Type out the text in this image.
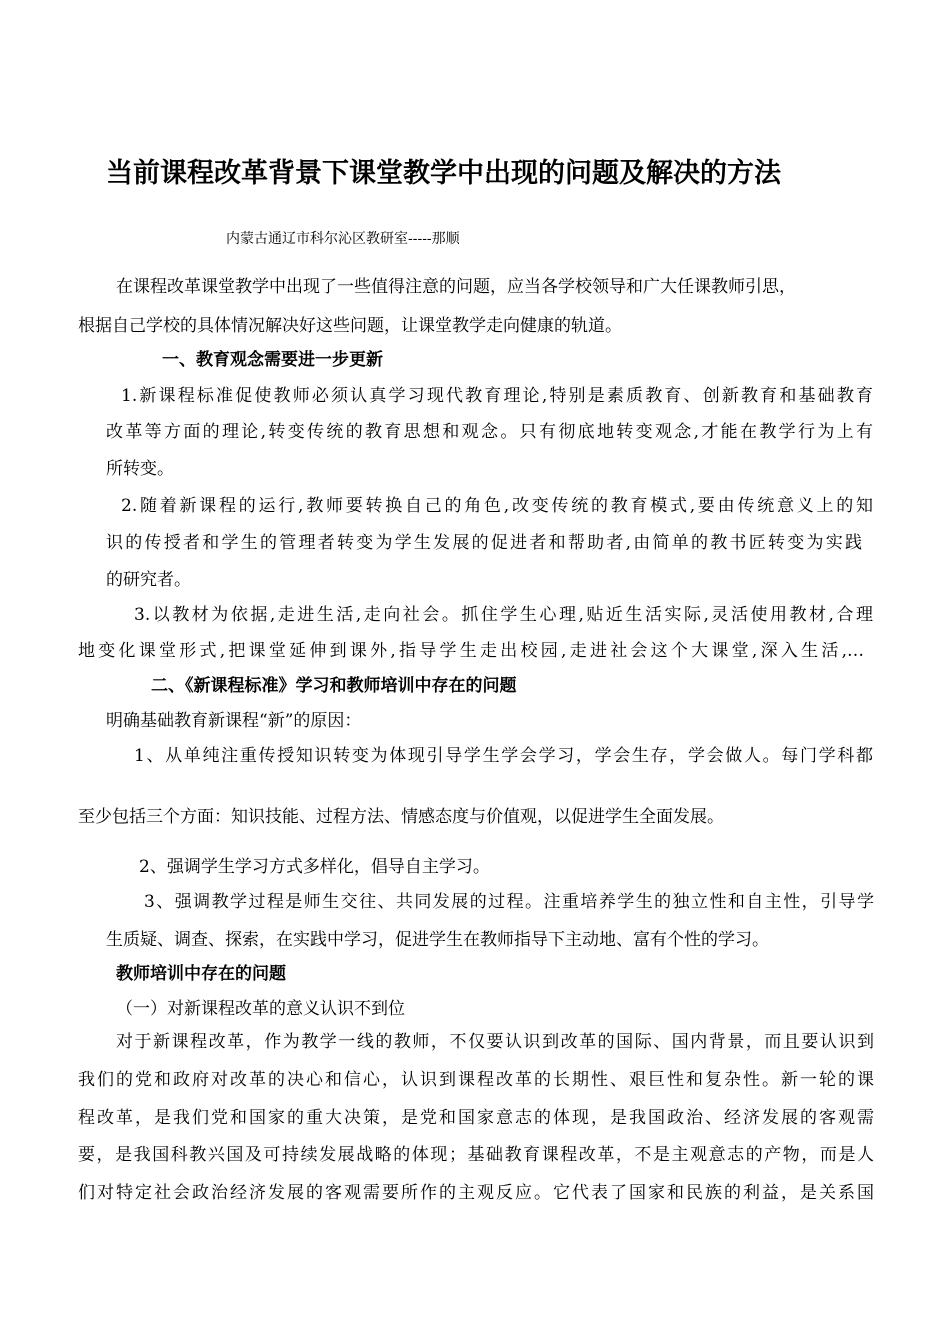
当前课程改革背景下课堂教学中出现的问题及解决的方法

内蒙古通辽市科尔沁区教研室-----那顺

在课程改革课堂教学中出现了一些值得注意的问题，应当各学校领导和广大任课教师引思，

根据自己学校的具体情况解决好这些问题，让课堂教学走向健康的轨道。

一、教育观念需要进一步更新

1.新课程标准促使教师必须认真学习现代教育理论,特别是素质教育、创新教育和基础教育

改革等方面的理论,转变传统的教育思想和观念。只有彻底地转变观念,才能在教学行为上有

所转变。

2.随着新课程的运行,教师要转换自己的角色,改变传统的教育模式,要由传统意义上的知

识的传授者和学生的管理者转变为学生发展的促进者和帮助者,由简单的教书匠转变为实践

的研究者。

3.以教材为依据,走进生活,走向社会。抓住学生心理,贴近生活实际,灵活使用教材,合理

地变化课堂形式,把课堂延伸到课外,指导学生走出校园,走进社会这个大课堂,深入生活,…

二、《新课程标准》学习和教师培训中存在的问题

明确基础教育新课程“新”的原因：

1、从单纯注重传授知识转变为体现引导学生学会学习，学会生存，学会做人。每门学科都

至少包括三个方面：知识技能、过程方法、情感态度与价值观，以促进学生全面发展。

2、强调学生学习方式多样化，倡导自主学习。

3、强调教学过程是师生交往、共同发展的过程。注重培养学生的独立性和自主性，引导学

生质疑、调查、探索，在实践中学习，促进学生在教师指导下主动地、富有个性的学习。

教师培训中存在的问题

（一）对新课程改革的意义认识不到位

对于新课程改革，作为教学一线的教师，不仅要认识到改革的国际、国内背景，而且要认识到

我们的党和政府对改革的决心和信心，认识到课程改革的长期性、艰巨性和复杂性。新一轮的课

程改革，是我们党和国家的重大决策，是党和国家意志的体现，是我国政治、经济发展的客观需

要，是我国科教兴国及可持续发展战略的体现；基础教育课程改革，不是主观意志的产物，而是人

们对特定社会政治经济发展的客观需要所作的主观反应。它代表了国家和民族的利益，是关系国
